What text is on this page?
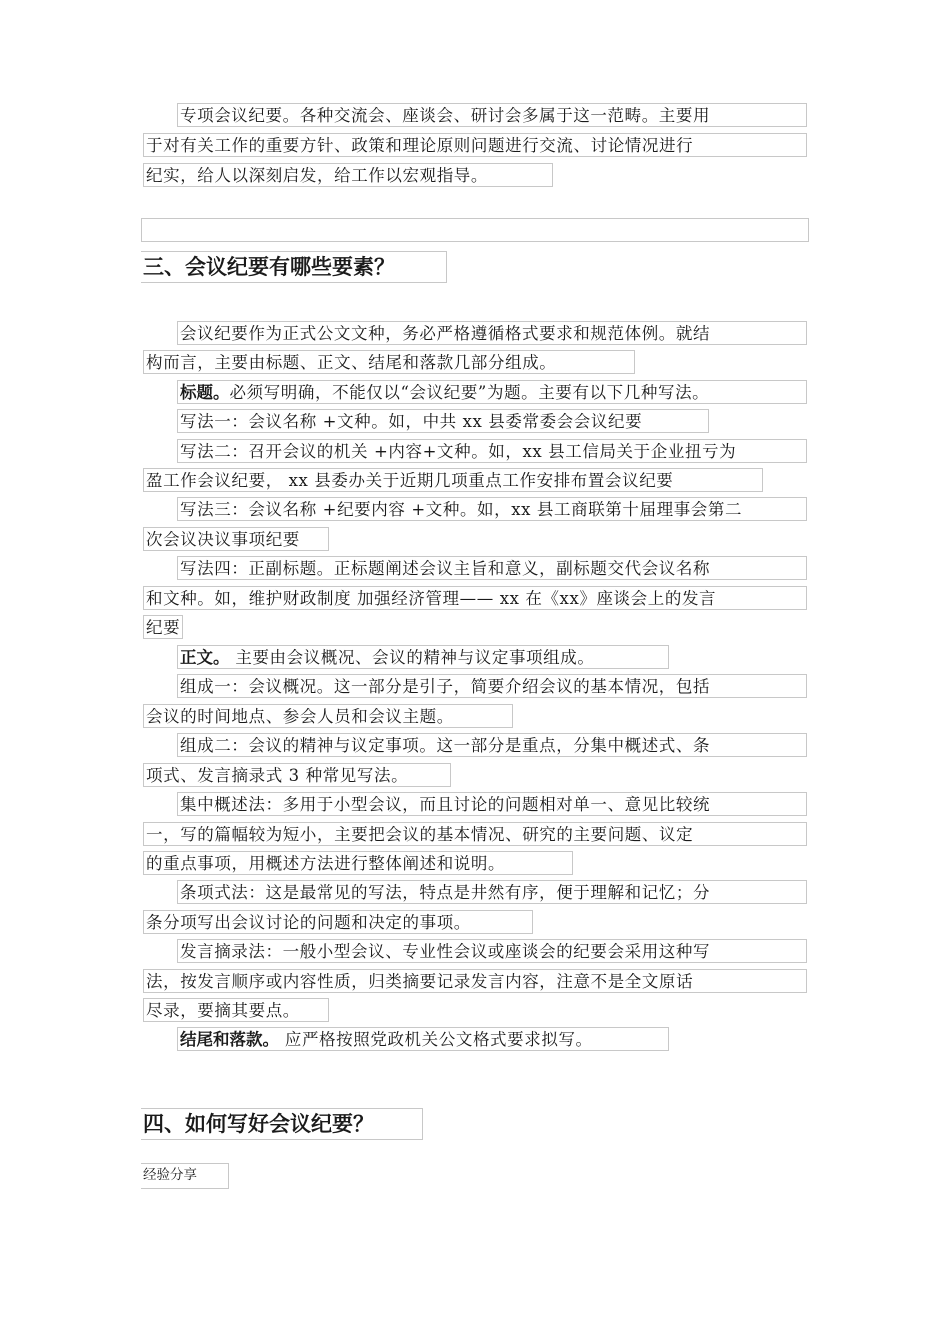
专项会议纪要。各种交流会、座谈会、研讨会多属于这一范畴。主要用
于对有关工作的重要方针、政策和理论原则问题进行交流、讨论情况进行
纪实，给人以深刻启发，给工作以宏观指导。
三、会议纪要有哪些要素？
会议纪要作为正式公文文种，务必严格遵循格式要求和规范体例。就结
构而言，主要由标题、正文、结尾和落款几部分组成。
标题。必须写明确，不能仅以“会议纪要”为题。主要有以下几种写法。
写法一：会议名称 +文种。如，中共 xx 县委常委会会议纪要
写法二：召开会议的机关 +内容+文种。如，xx 县工信局关于企业扭亏为
盈工作会议纪要， xx 县委办关于近期几项重点工作安排布置会议纪要
写法三：会议名称 +纪要内容 +文种。如，xx 县工商联第十届理事会第二
次会议决议事项纪要
写法四：正副标题。正标题阐述会议主旨和意义，副标题交代会议名称
和文种。如，维护财政制度 加强经济管理—— xx 在《xx》座谈会上的发言
纪要
正文。 主要由会议概况、会议的精神与议定事项组成。
组成一：会议概况。这一部分是引子，简要介绍会议的基本情况，包括
会议的时间地点、参会人员和会议主题。
组成二：会议的精神与议定事项。这一部分是重点，分集中概述式、条
项式、发言摘录式 3 种常见写法。
集中概述法：多用于小型会议，而且讨论的问题相对单一、意见比较统
一，写的篇幅较为短小，主要把会议的基本情况、研究的主要问题、议定
的重点事项，用概述方法进行整体阐述和说明。
条项式法：这是最常见的写法，特点是井然有序，便于理解和记忆；分
条分项写出会议讨论的问题和决定的事项。
发言摘录法：一般小型会议、专业性会议或座谈会的纪要会采用这种写
法，按发言顺序或内容性质，归类摘要记录发言内容，注意不是全文原话
尽录，要摘其要点。
结尾和落款。 应严格按照党政机关公文格式要求拟写。
四、如何写好会议纪要？
经验分享
